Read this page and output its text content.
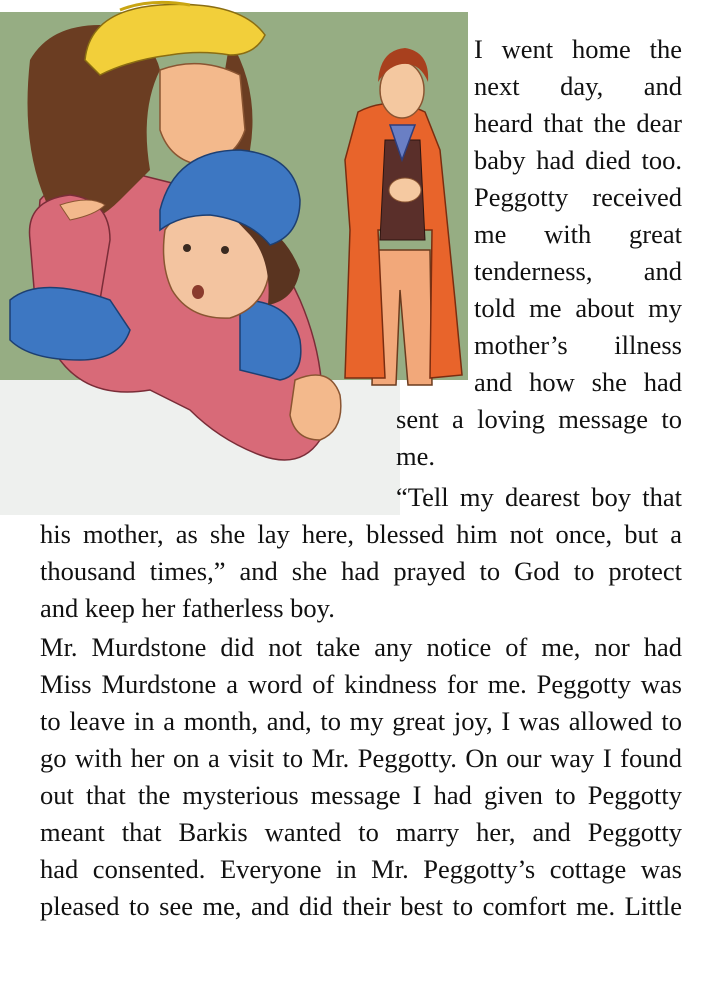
I went home the
next day, and
heard that the dear
baby had died too.
Peggotty received
me with great
tenderness, and
told me about my
mother’s illness
and how she had
sent a loving message to
me.
“Tell my dearest boy that
his mother, as she lay here, blessed him not once, but a
thousand times,” and she had prayed to God to protect
and keep her fatherless boy.
Mr. Murdstone did not take any notice of me, nor had
Miss Murdstone a word of kindness for me. Peggotty was
to leave in a month, and, to my great joy, I was allowed to
go with her on a visit to Mr. Peggotty. On our way I found
out that the mysterious message I had given to Peggotty
meant that Barkis wanted to marry her, and Peggotty
had consented. Everyone in Mr. Peggotty’s cottage was
pleased to see me, and did their best to comfort me. Little
